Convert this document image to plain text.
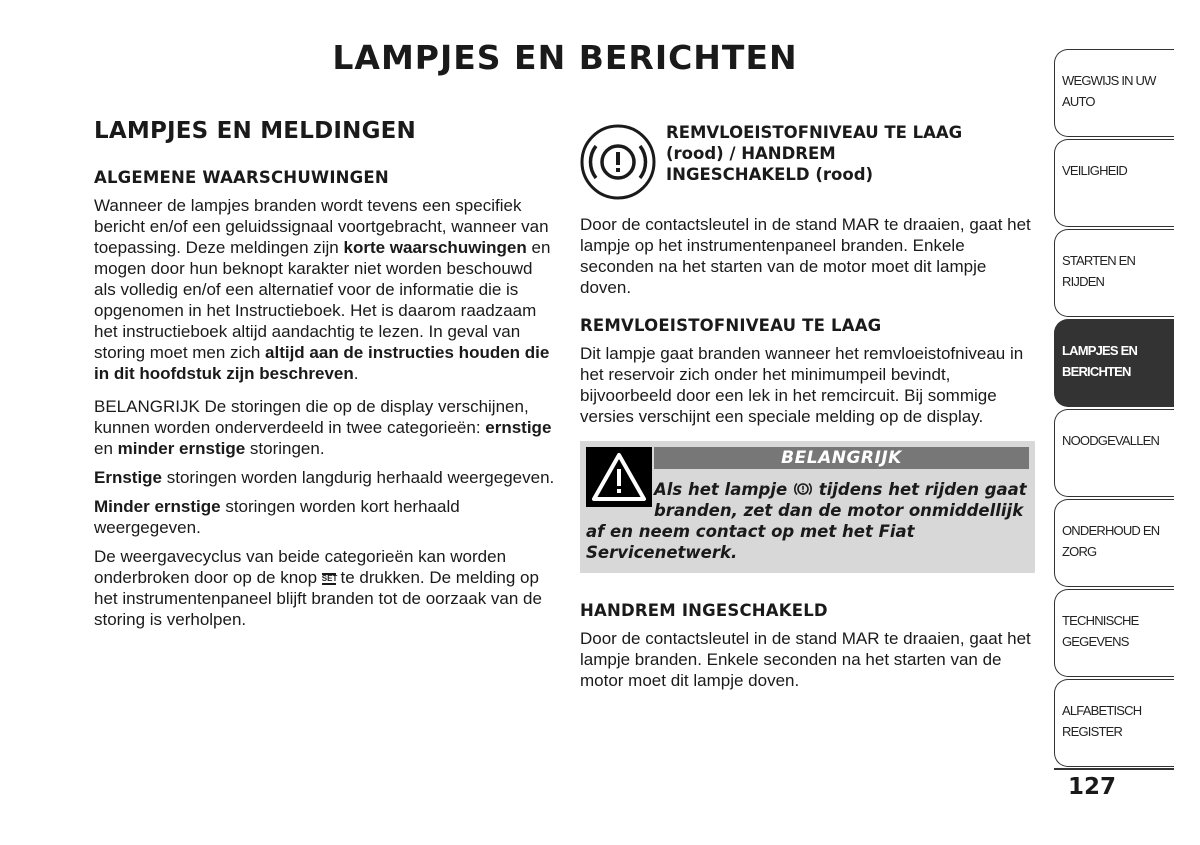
LAMPJES EN BERICHTEN
LAMPJES EN MELDINGEN
ALGEMENE WAARSCHUWINGEN

Wanneer de lampjes branden wordt tevens een specifiek bericht en/of een geluidssignaal voortgebracht, wanneer van toepassing. Deze meldingen zijn korte waarschuwingen en mogen door hun beknopt karakter niet worden beschouwd als volledig en/of een alternatief voor de informatie die is opgenomen in het Instructieboek. Het is daarom raadzaam het instructieboek altijd aandachtig te lezen. In geval van storing moet men zich altijd aan de instructies houden die in dit hoofdstuk zijn beschreven.

BELANGRIJK De storingen die op de display verschijnen, kunnen worden onderverdeeld in twee categorieën: ernstige en minder ernstige storingen.

Ernstige storingen worden langdurig herhaald weergegeven.

Minder ernstige storingen worden kort herhaald weergegeven.

De weergavecyclus van beide categorieën kan worden onderbroken door op de knop SET te drukken. De melding op het instrumentenpaneel blijft branden tot de oorzaak van de storing is verholpen.

REMVLOEISTOFNIVEAU TE LAAG
(rood) / HANDREM
INGESCHAKELD (rood)

Door de contactsleutel in de stand MAR te draaien, gaat het lampje op het instrumentenpaneel branden. Enkele seconden na het starten van de motor moet dit lampje doven.

REMVLOEISTOFNIVEAU TE LAAG

Dit lampje gaat branden wanneer het remvloeistofniveau in het reservoir zich onder het minimumpeil bevindt, bijvoorbeeld door een lek in het remcircuit. Bij sommige versies verschijnt een speciale melding op de display.

BELANGRIJK
Als het lampje  tijdens het rijden gaat
branden, zet dan de motor onmiddellijk
af en neem contact op met het Fiat Servicenetwerk.
HANDREM INGESCHAKELD

Door de contactsleutel in de stand MAR te draaien, gaat het lampje branden. Enkele seconden na het starten van de motor moet dit lampje doven.

WEGWIJS IN UW AUTO
VEILIGHEID
STARTEN EN RIJDEN
LAMPJES EN BERICHTEN
NOODGEVALLEN
ONDERHOUD EN ZORG
TECHNISCHE GEGEVENS
ALFABETISCH REGISTER
127
